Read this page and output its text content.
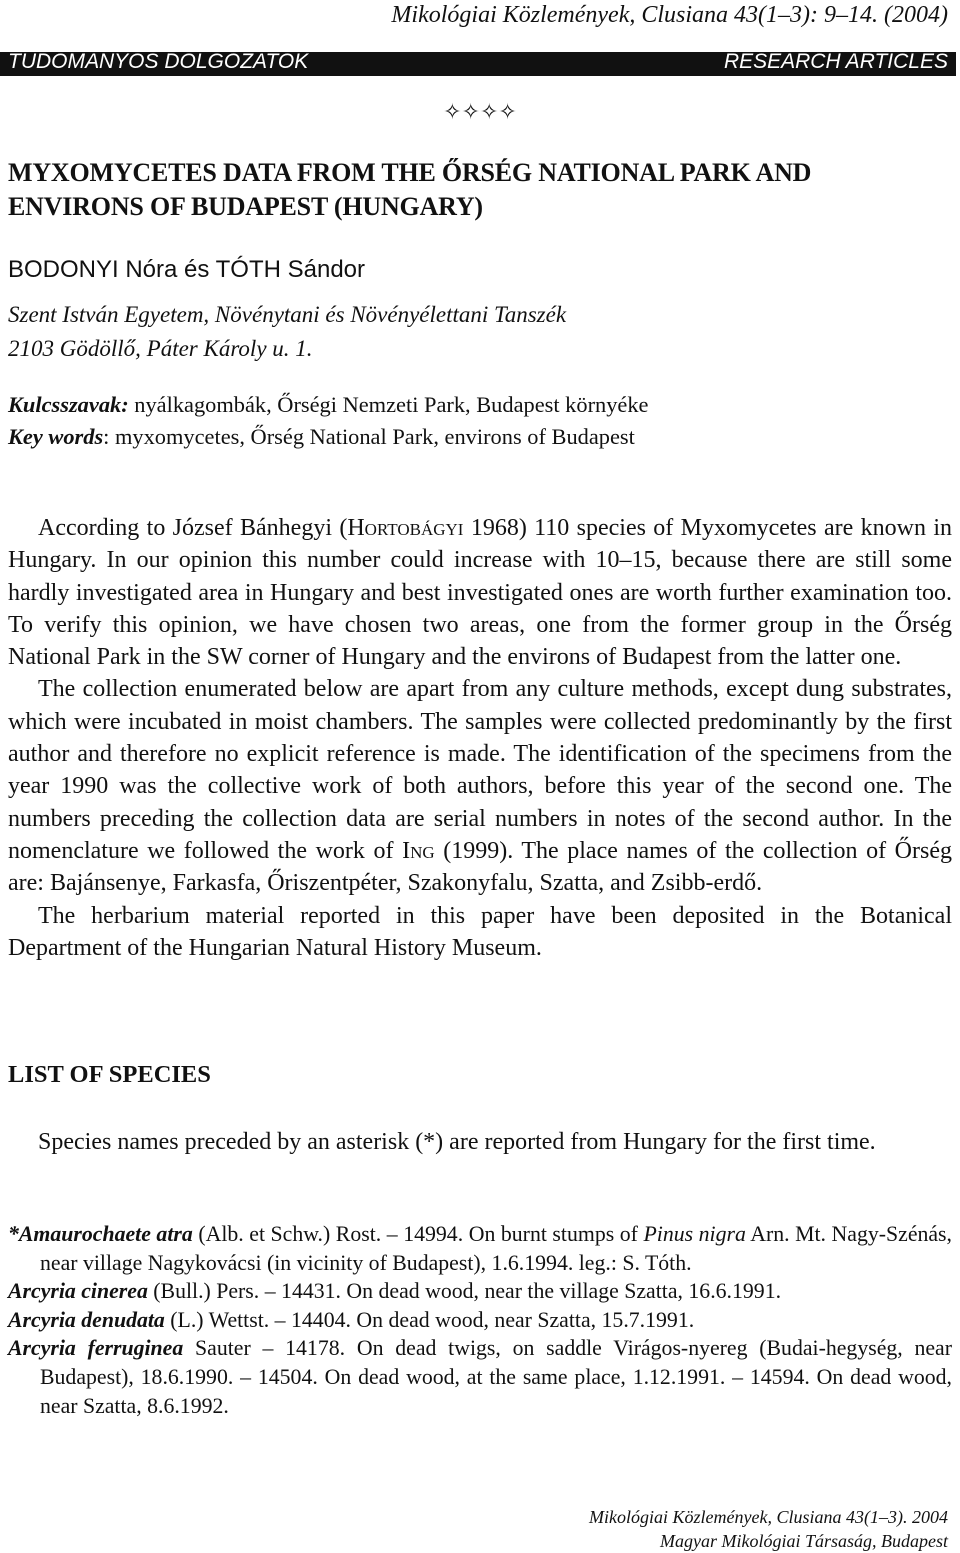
Mikológiai Közlemények, Clusiana 43(1–3): 9–14. (2004)
TUDOMÁNYOS DOLGOZATOK	RESEARCH ARTICLES
✧✧✧✧
MYXOMYCETES DATA FROM THE ŐRSÉG NATIONAL PARK AND
ENVIRONS OF BUDAPEST (HUNGARY)
BODONYI Nóra és TÓTH Sándor
Szent István Egyetem, Növénytani és Növényélettani Tanszék
2103 Gödöllő, Páter Károly u. 1.
Kulcsszavak: nyálkagombák, Őrségi Nemzeti Park, Budapest környéke
Key words: myxomycetes, Őrség National Park, environs of Budapest

According to József Bánhegyi (Hortobágyi 1968) 110 species of Myxomycetes are known in Hungary. In our opinion this number could increase with 10–15, because there are still some hardly investigated area in Hungary and best investigated ones are worth further examination too. To verify this opinion, we have chosen two areas, one from the former group in the Őrség National Park in the SW corner of Hungary and the environs of Budapest from the latter one.

The collection enumerated below are apart from any culture methods, except dung substrates, which were incubated in moist chambers. The samples were collected predominantly by the first author and therefore no explicit reference is made. The identification of the specimens from the year 1990 was the collective work of both authors, before this year of the second one. The numbers preceding the collection data are serial numbers in notes of the second author. In the nomenclature we followed the work of Ing (1999). The place names of the collection of Őrség are: Bajánsenye, Farkasfa, Őriszentpéter, Szakonyfalu, Szatta, and Zsibb-erdő.

The herbarium material reported in this paper have been deposited in the Botanical Department of the Hungarian Natural History Museum.

LIST OF SPECIES

Species names preceded by an asterisk (*) are reported from Hungary for the first time.

*Amaurochaete atra (Alb. et Schw.) Rost. – 14994. On burnt stumps of Pinus nigra Arn. Mt. Nagy-Szénás, near village Nagykovácsi (in vicinity of Budapest), 1.6.1994. leg.: S. Tóth.

Arcyria cinerea (Bull.) Pers. – 14431. On dead wood, near the village Szatta, 16.6.1991.

Arcyria denudata (L.) Wettst. – 14404. On dead wood, near Szatta, 15.7.1991.

Arcyria ferruginea Sauter – 14178. On dead twigs, on saddle Virágos-nyereg (Budai-hegység, near Budapest), 18.6.1990. – 14504. On dead wood, at the same place, 1.12.1991. – 14594. On dead wood, near Szatta, 8.6.1992.

Mikológiai Közlemények, Clusiana 43(1–3). 2004
Magyar Mikológiai Társaság, Budapest
